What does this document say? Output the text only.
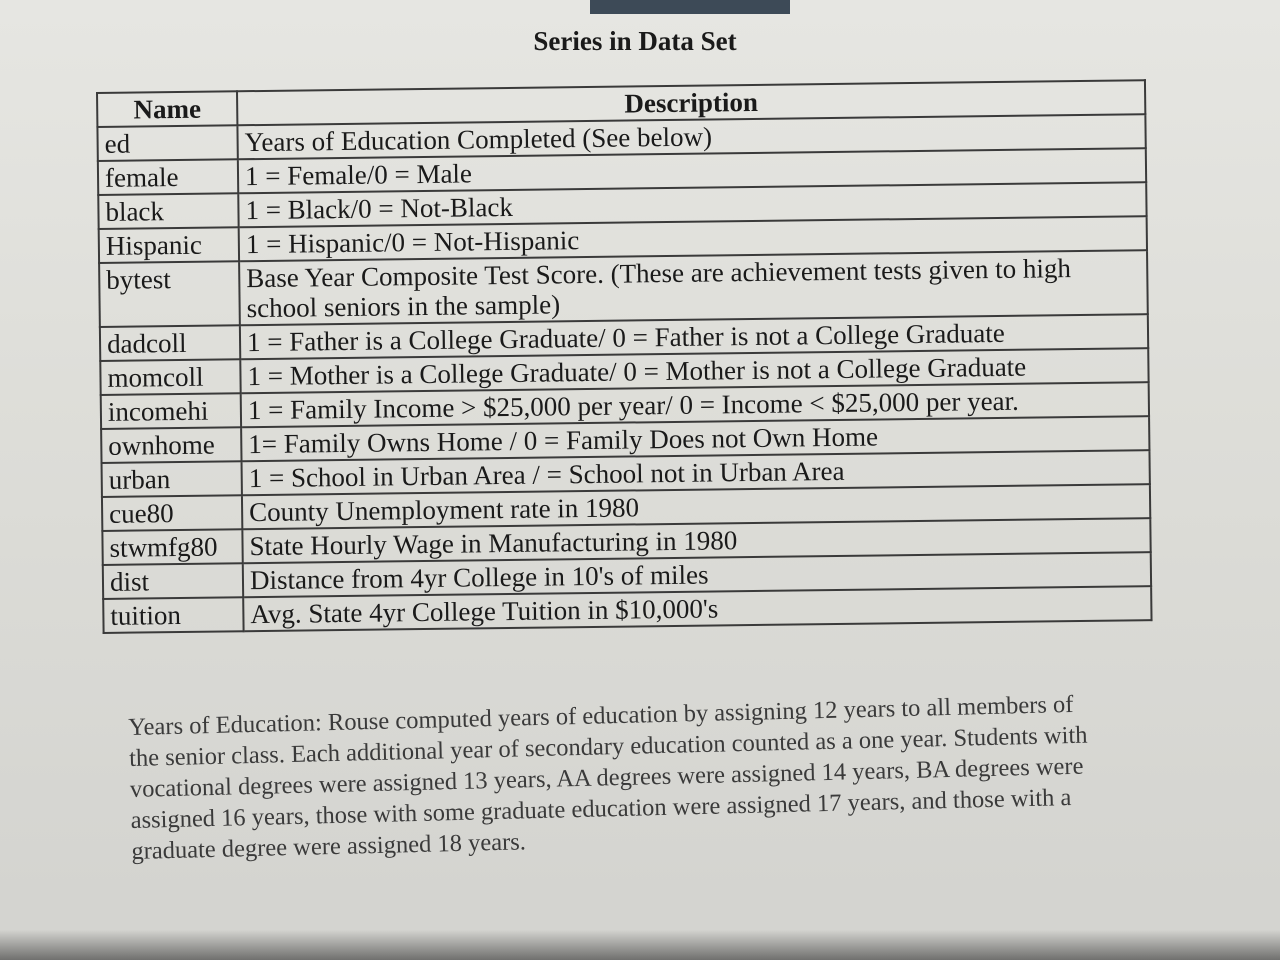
Series in Data Set
Name	Description
ed	Years of Education Completed (See below)
female	1 = Female/0 = Male
black	1 = Black/0 = Not-Black
Hispanic	1 = Hispanic/0 = Not-Hispanic
bytest	Base Year Composite Test Score. (These are achievement tests given to high school seniors in the sample)
dadcoll	1 = Father is a College Graduate/ 0 = Father is not a College Graduate
momcoll	1 = Mother is a College Graduate/ 0 = Mother is not a College Graduate
incomehi	1 = Family Income > $25,000 per year/ 0 = Income < $25,000 per year.
ownhome	1= Family Owns Home / 0 = Family Does not Own Home
urban	1 = School in Urban Area / = School not in Urban Area
cue80	County Unemployment rate in 1980
stwmfg80	State Hourly Wage in Manufacturing in 1980
dist	Distance from 4yr College in 10's of miles
tuition	Avg. State 4yr College Tuition in $10,000's
Years of Education: Rouse computed years of education by assigning 12 years to all members of the senior class. Each additional year of secondary education counted as a one year. Students with vocational degrees were assigned 13 years, AA degrees were assigned 14 years, BA degrees were assigned 16 years, those with some graduate education were assigned 17 years, and those with a graduate degree were assigned 18 years.
